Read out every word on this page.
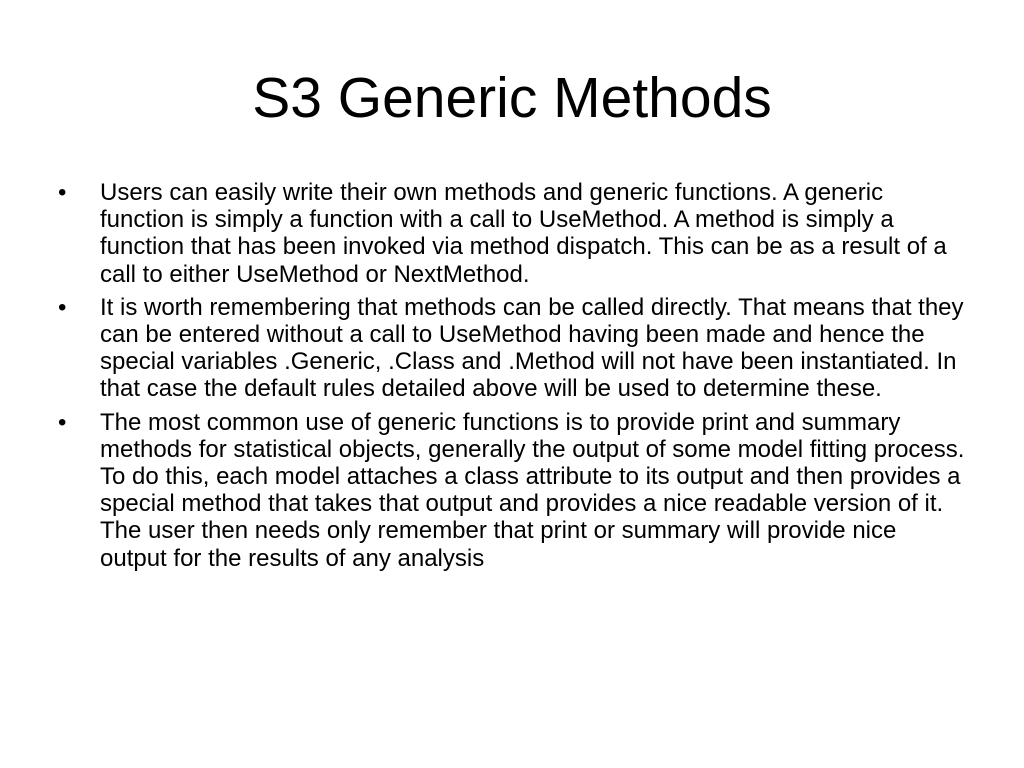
S3 Generic Methods
• Users can easily write their own methods and generic functions. A generic function is simply a function with a call to UseMethod. A method is simply a function that has been invoked via method dispatch. This can be as a result of a call to either UseMethod or NextMethod.
• It is worth remembering that methods can be called directly. That means that they can be entered without a call to UseMethod having been made and hence the special variables .Generic, .Class and .Method will not have been instantiated. In that case the default rules detailed above will be used to determine these.
• The most common use of generic functions is to provide print and summary methods for statistical objects, generally the output of some model fitting process. To do this, each model attaches a class attribute to its output and then provides a special method that takes that output and provides a nice readable version of it. The user then needs only remember that print or summary will provide nice output for the results of any analysis
